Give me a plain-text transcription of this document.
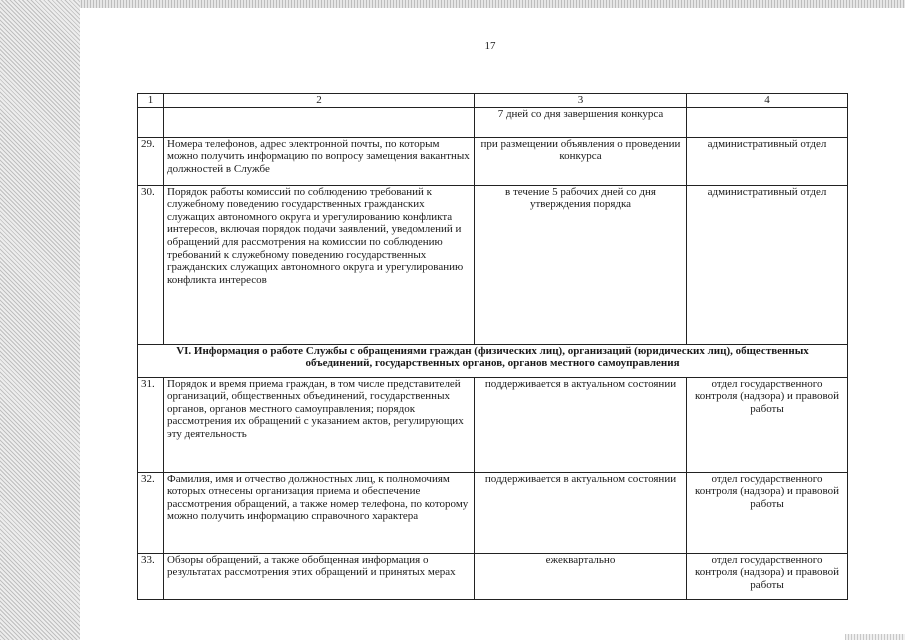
17
1	2	3	4
		7 дней со дня завершения конкурса	
29.	Номера телефонов, адрес электронной почты, по которым можно получить информацию по вопросу замещения вакантных должностей в Службе	при размещении объявления о проведении конкурса	административный отдел
30.	Порядок работы комиссий по соблюдению требований к служебному поведению государственных гражданских служащих автономного округа и урегулированию конфликта интересов, включая порядок подачи заявлений, уведомлений и обращений для рассмотрения на комиссии по соблюдению требований к служебному поведению государственных гражданских служащих автономного округа и урегулированию конфликта интересов	в течение 5 рабочих дней со дня утверждения порядка	административный отдел
VI. Информация о работе Службы с обращениями граждан (физических лиц), организаций (юридических лиц), общественных объединений, государственных органов, органов местного самоуправления			
31.	Порядок и время приема граждан, в том числе представителей организаций, общественных объединений, государственных органов, органов местного самоуправления; порядок рассмотрения их обращений с указанием актов, регулирующих эту деятельность	поддерживается в актуальном состоянии	отдел государственного контроля (надзора) и правовой работы
32.	Фамилия, имя и отчество должностных лиц, к полномочиям которых отнесены организация приема и обеспечение рассмотрения обращений, а также номер телефона, по которому можно получить информацию справочного характера	поддерживается в актуальном состоянии	отдел государственного контроля (надзора) и правовой работы
33.	Обзоры обращений, а также обобщенная информация о результатах рассмотрения этих обращений и принятых мерах	ежеквартально	отдел государственного контроля (надзора) и правовой работы
